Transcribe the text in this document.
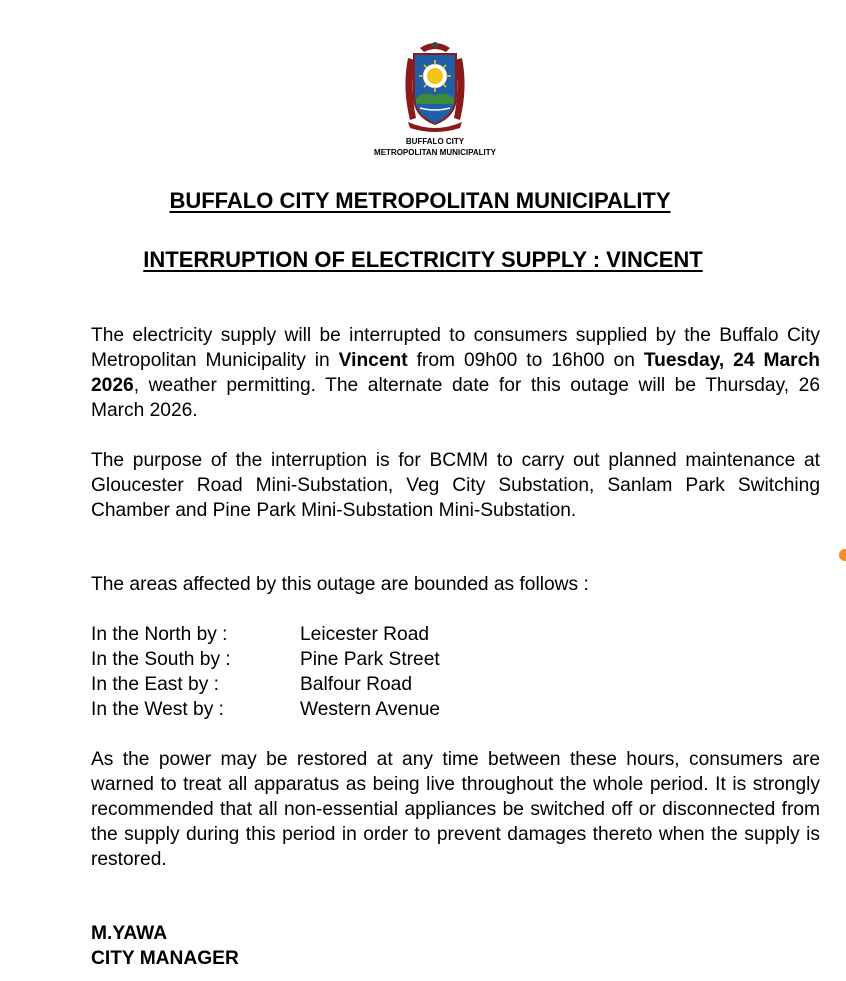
BUFFALO CITY
METROPOLITAN MUNICIPALITY
BUFFALO CITY METROPOLITAN MUNICIPALITY
INTERRUPTION OF ELECTRICITY SUPPLY : VINCENT
The electricity supply will be interrupted to consumers supplied by the Buffalo City Metropolitan Municipality in Vincent from 09h00 to 16h00 on Tuesday, 24 March 2026, weather permitting. The alternate date for this outage will be Thursday, 26 March 2026.
The purpose of the interruption is for BCMM to carry out planned maintenance at Gloucester Road Mini-Substation, Veg City Substation, Sanlam Park Switching Chamber and Pine Park Mini-Substation Mini-Substation.
The areas affected by this outage are bounded as follows :
In the North by :	Leicester Road
In the South by :	Pine Park Street
In the East by :	Balfour Road
In the West by :	Western Avenue
As the power may be restored at any time between these hours, consumers are warned to treat all apparatus as being live throughout the whole period. It is strongly recommended that all non-essential appliances be switched off or disconnected from the supply during this period in order to prevent damages thereto when the supply is restored.
M.YAWA
CITY MANAGER
